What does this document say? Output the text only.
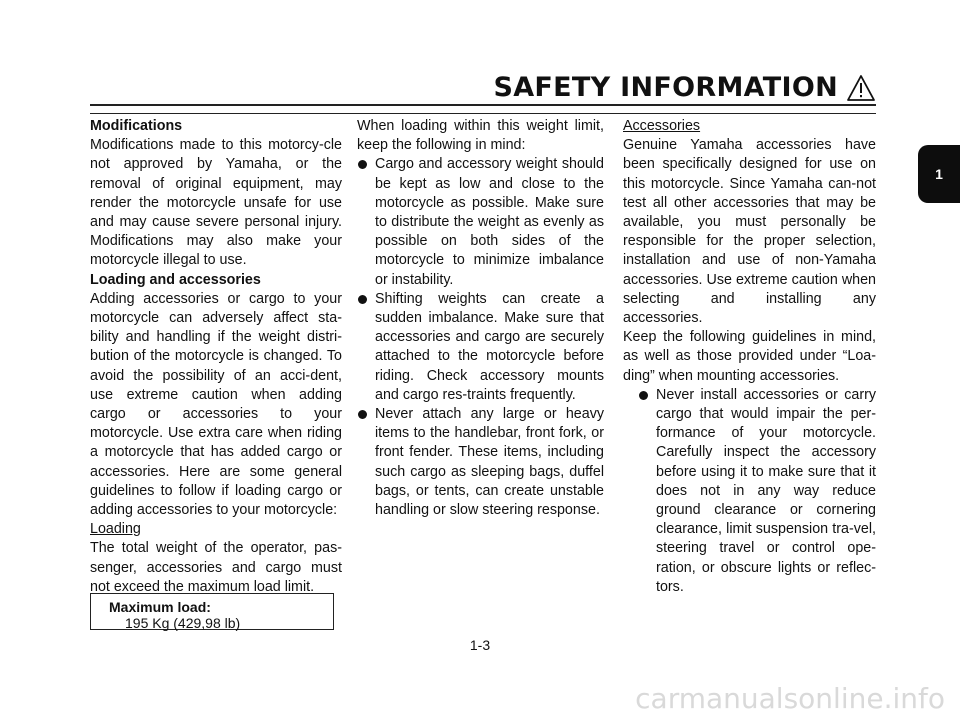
SAFETY INFORMATION
1

Modifications

Modifications made to this motorcy-cle not approved by Yamaha, or the removal of original equipment, may render the motorcycle unsafe for use and may cause severe personal injury. Modifications may also make your motorcycle illegal to use.

Loading and accessories

Adding accessories or cargo to your motorcycle can adversely affect sta-bility and handling if the weight distri-bution of the motorcycle is changed. To avoid the possibility of an acci-dent, use extreme caution when adding cargo or accessories to your motorcycle. Use extra care when riding a motorcycle that has added cargo or accessories. Here are some general guidelines to follow if loading cargo or adding accessories to your motorcycle:

Loading

The total weight of the operator, pas-senger, accessories and cargo must not exceed the maximum load limit.

Maximum load:
195 Kg (429,98 lb)

When loading within this weight limit, keep the following in mind:

Cargo and accessory weight should be kept as low and close to the motorcycle as possible. Make sure to distribute the weight as evenly as possible on both sides of the motorcycle to minimize imbalance or instability.
Shifting weights can create a sudden imbalance. Make sure that accessories and cargo are securely attached to the motorcycle before riding. Check accessory mounts and cargo res-traints frequently.
Never attach any large or heavy items to the handlebar, front fork, or front fender. These items, including such cargo as sleeping bags, duffel bags, or tents, can create unstable handling or slow steering response.

Accessories

Genuine Yamaha accessories have been specifically designed for use on this motorcycle. Since Yamaha can-not test all other accessories that may be available, you must personally be responsible for the proper selection, installation and use of non-Yamaha accessories. Use extreme caution when selecting and installing any accessories.

Keep the following guidelines in mind, as well as those provided under “Loa-ding” when mounting accessories.

Never install accessories or carry cargo that would impair the per-formance of your motorcycle. Carefully inspect the accessory before using it to make sure that it does not in any way reduce ground clearance or cornering clearance, limit suspension tra-vel, steering travel or control ope-ration, or obscure lights or reflec-tors.
1-3
carmanualsonline.info
